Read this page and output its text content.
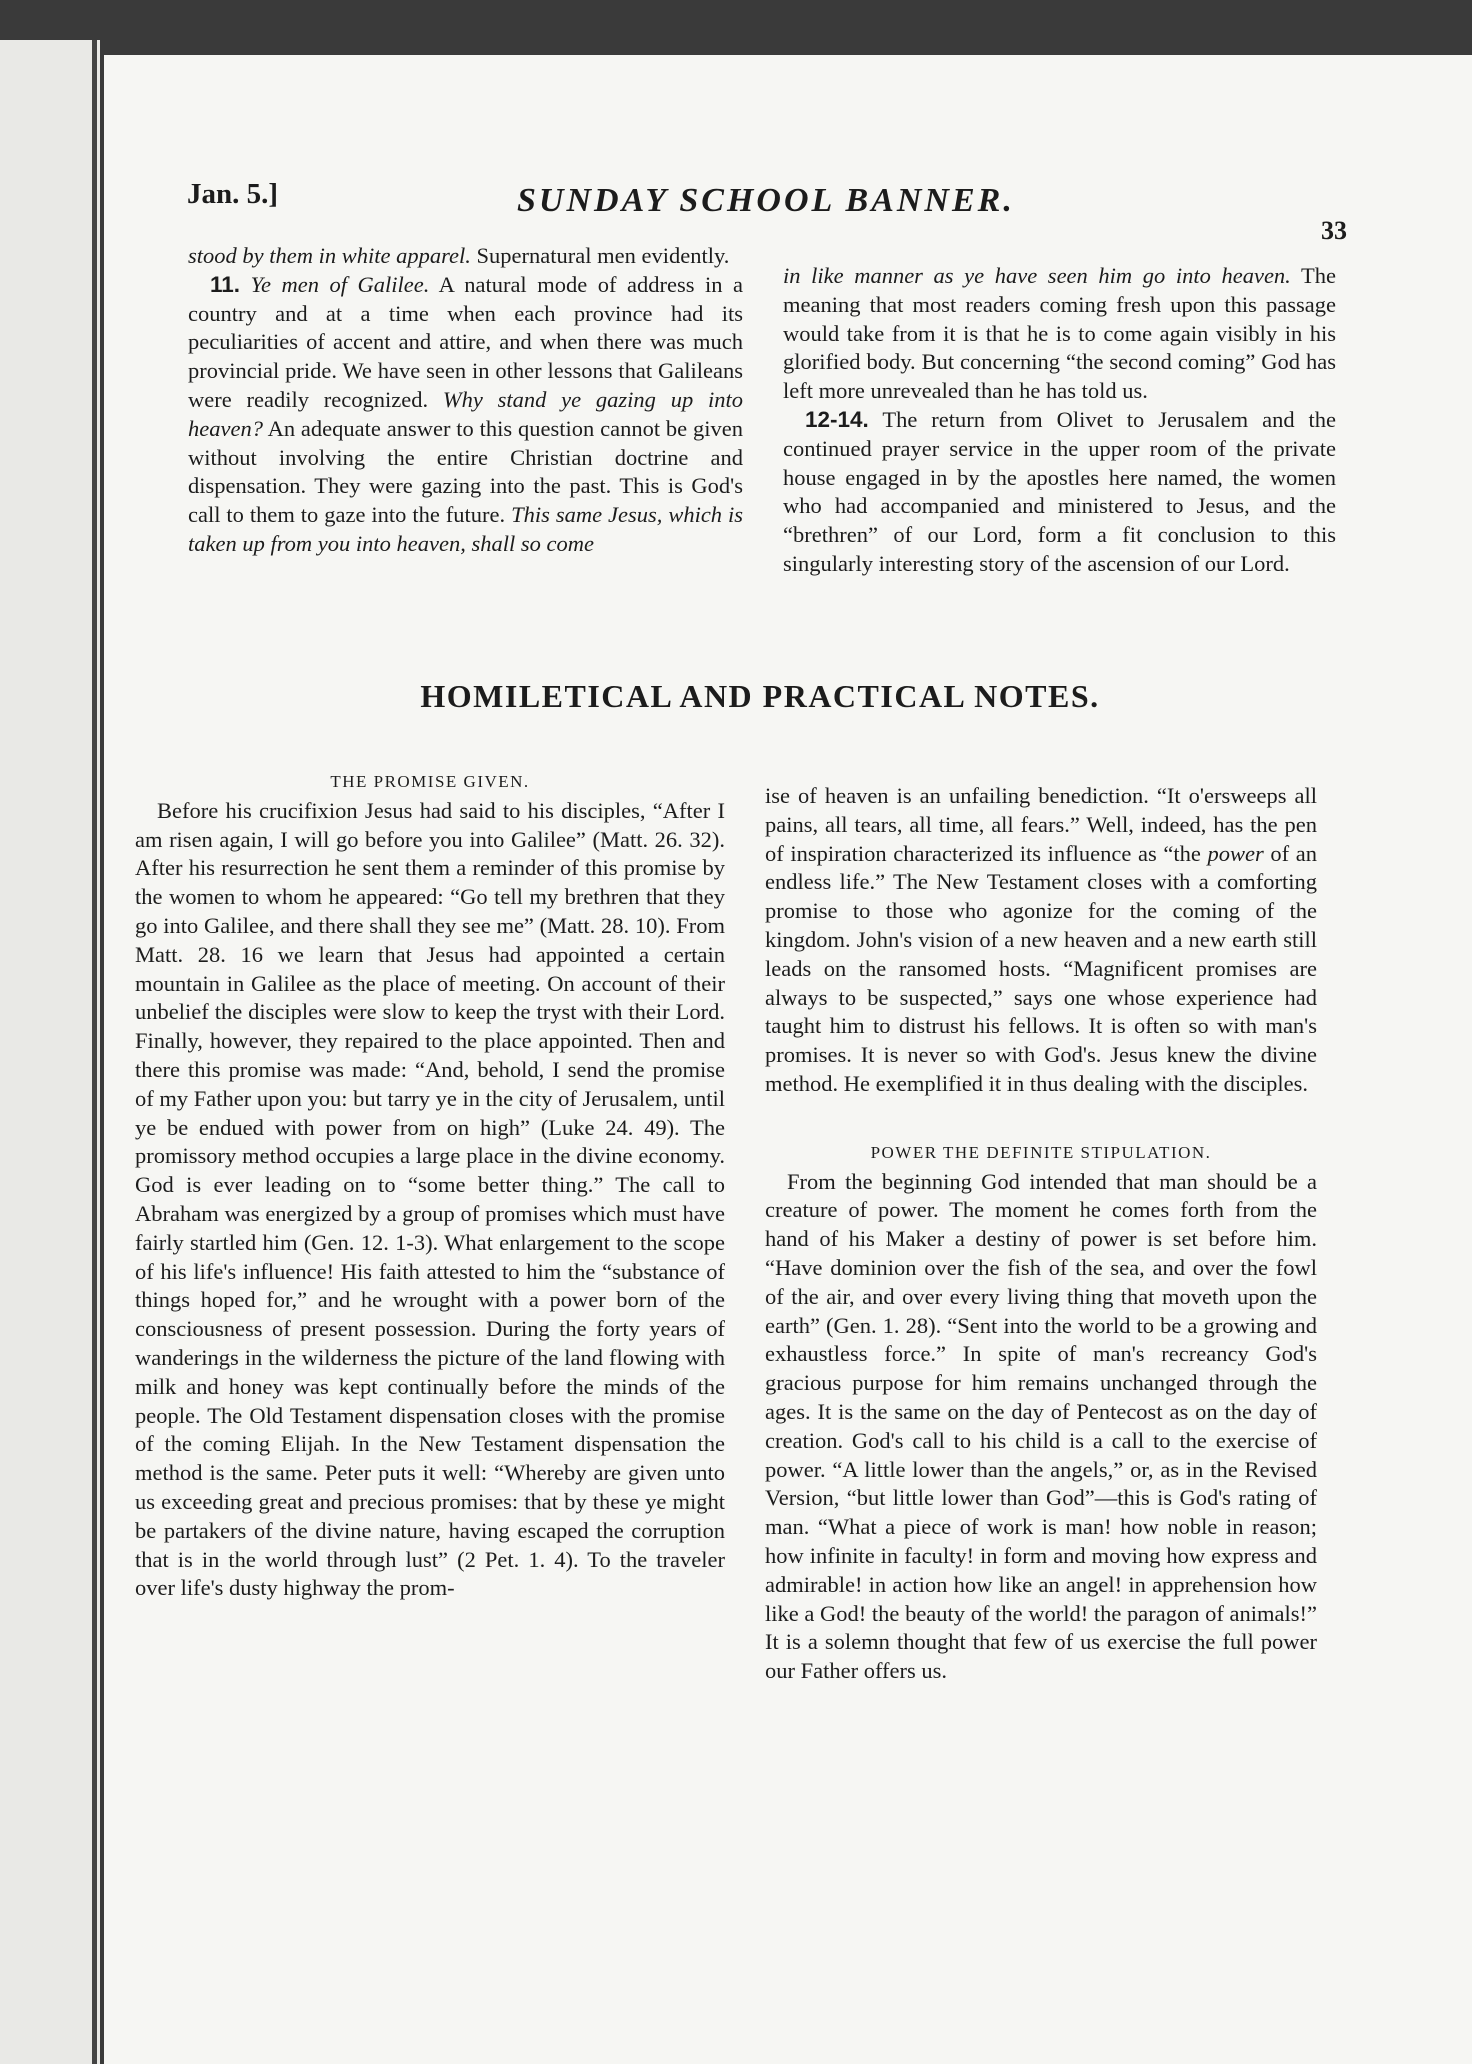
Jan. 5.]	SUNDAY SCHOOL BANNER.
33

stood by them in white apparel. Supernatural men evidently.

11. Ye men of Galilee. A natural mode of address in a country and at a time when each province had its peculiarities of accent and attire, and when there was much provincial pride. We have seen in other lessons that Galileans were readily recognized. Why stand ye gazing up into heaven? An adequate answer to this question cannot be given without involving the entire Christian doctrine and dispensation. They were gazing into the past. This is God's call to them to gaze into the future. This same Jesus, which is taken up from you into heaven, shall so come

in like manner as ye have seen him go into heaven. The meaning that most readers coming fresh upon this passage would take from it is that he is to come again visibly in his glorified body. But concerning “the second coming” God has left more unrevealed than he has told us.

12-14. The return from Olivet to Jerusalem and the continued prayer service in the upper room of the private house engaged in by the apostles here named, the women who had accompanied and ministered to Jesus, and the “brethren” of our Lord, form a fit conclusion to this singularly interesting story of the ascension of our Lord.

HOMILETICAL AND PRACTICAL NOTES.

THE PROMISE GIVEN.

Before his crucifixion Jesus had said to his disciples, “After I am risen again, I will go before you into Galilee” (Matt. 26. 32). After his resurrection he sent them a reminder of this promise by the women to whom he appeared: “Go tell my brethren that they go into Galilee, and there shall they see me” (Matt. 28. 10). From Matt. 28. 16 we learn that Jesus had appointed a certain mountain in Galilee as the place of meeting. On account of their unbelief the disciples were slow to keep the tryst with their Lord. Finally, however, they repaired to the place appointed. Then and there this promise was made: “And, behold, I send the promise of my Father upon you: but tarry ye in the city of Jerusalem, until ye be endued with power from on high” (Luke 24. 49). The promissory method occupies a large place in the divine economy. God is ever leading on to “some better thing.” The call to Abraham was energized by a group of promises which must have fairly startled him (Gen. 12. 1-3). What enlargement to the scope of his life's influence! His faith attested to him the “substance of things hoped for,” and he wrought with a power born of the consciousness of present possession. During the forty years of wanderings in the wilderness the picture of the land flowing with milk and honey was kept continually before the minds of the people. The Old Testament dispensation closes with the promise of the coming Elijah. In the New Testament dispensation the method is the same. Peter puts it well: “Whereby are given unto us exceeding great and precious promises: that by these ye might be partakers of the divine nature, having escaped the corruption that is in the world through lust” (2 Pet. 1. 4). To the traveler over life's dusty highway the prom-

ise of heaven is an unfailing benediction. “It o'ersweeps all pains, all tears, all time, all fears.” Well, indeed, has the pen of inspiration characterized its influence as “the power of an endless life.” The New Testament closes with a comforting promise to those who agonize for the coming of the kingdom. John's vision of a new heaven and a new earth still leads on the ransomed hosts. “Magnificent promises are always to be suspected,” says one whose experience had taught him to distrust his fellows. It is often so with man's promises. It is never so with God's. Jesus knew the divine method. He exemplified it in thus dealing with the disciples.

POWER THE DEFINITE STIPULATION.

From the beginning God intended that man should be a creature of power. The moment he comes forth from the hand of his Maker a destiny of power is set before him. “Have dominion over the fish of the sea, and over the fowl of the air, and over every living thing that moveth upon the earth” (Gen. 1. 28). “Sent into the world to be a growing and exhaustless force.” In spite of man's recreancy God's gracious purpose for him remains unchanged through the ages. It is the same on the day of Pentecost as on the day of creation. God's call to his child is a call to the exercise of power. “A little lower than the angels,” or, as in the Revised Version, “but little lower than God”—this is God's rating of man. “What a piece of work is man! how noble in reason; how infinite in faculty! in form and moving how express and admirable! in action how like an angel! in apprehension how like a God! the beauty of the world! the paragon of animals!” It is a solemn thought that few of us exercise the full power our Father offers us.
